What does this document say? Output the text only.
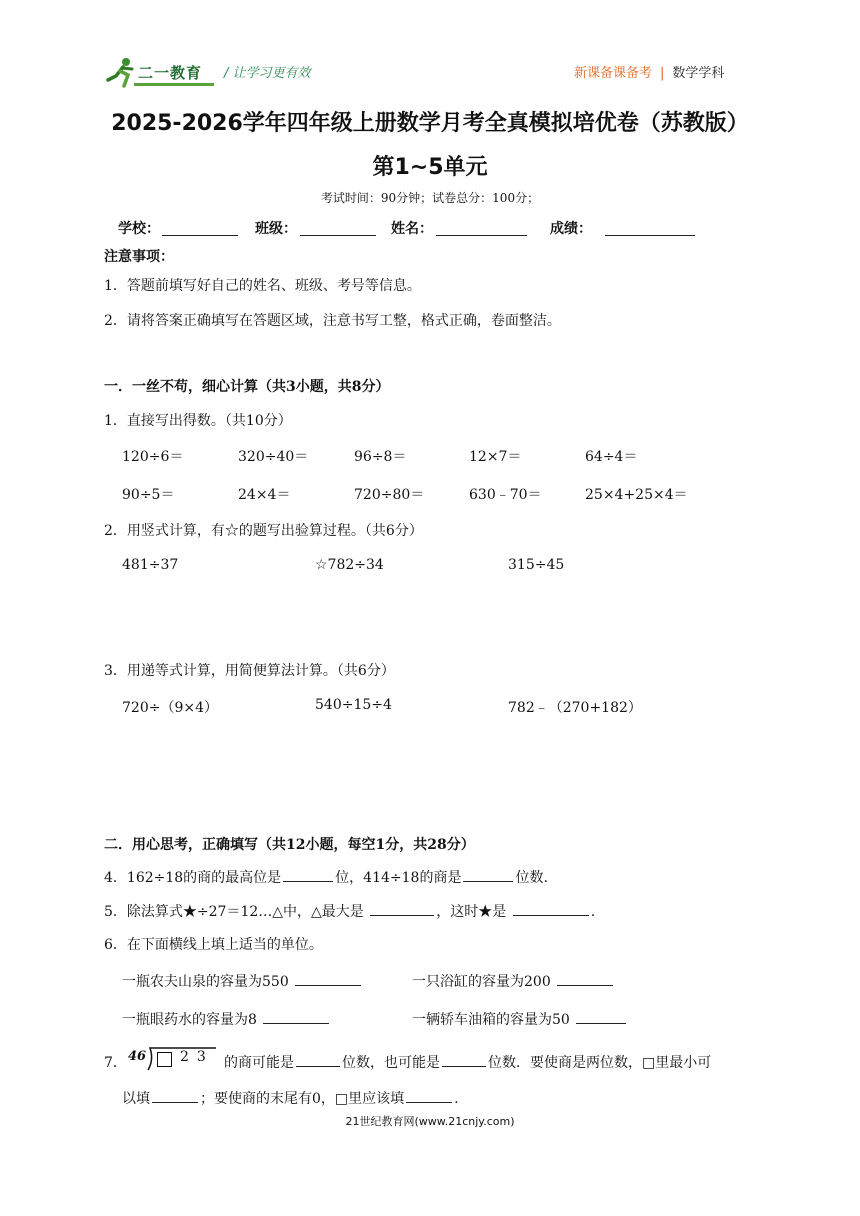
二一教育 / 让学习更有效	新课备课备考 | 数学学科
2025-2026学年四年级上册数学月考全真模拟培优卷（苏教版）
第1~5单元
考试时间：90分钟；试卷总分：100分；
学校：	班级：	姓名：	成绩：
注意事项：
1．答题前填写好自己的姓名、班级、考号等信息。
2．请将答案正确填写在答题区域，注意书写工整，格式正确，卷面整洁。
一．一丝不苟，细心计算（共3小题，共8分）
1．直接写出得数。（共10分）
120÷6＝	320÷40＝	96÷8＝	12×7＝	64÷4＝
90÷5＝	24×4＝	720÷80＝	630﹣70＝	25×4+25×4＝
2．用竖式计算，有☆的题写出验算过程。（共6分）
481÷37	☆782÷34	315÷45
3．用递等式计算，用简便算法计算。（共6分）
720÷（9×4）	540÷15÷4	782﹣（270+182）
二．用心思考，正确填写（共12小题，每空1分，共28分）
4．162÷18的商的最高位是	位，414÷18的商是	位数.
5．除法算式★÷27＝12…△中，△最大是	，这时★是	.
6．在下面横线上填上适当的单位。
一瓶农夫山泉的容量为550	一只浴缸的容量为200
一瓶眼药水的容量为8	一辆轿车油箱的容量为50
7． 46 23 的商可能是	位数，也可能是	位数．要使商是两位数，□里最小可
以填	；要使商的末尾有0，□里应该填	.
21世纪教育网(www.21cnjy.com)
